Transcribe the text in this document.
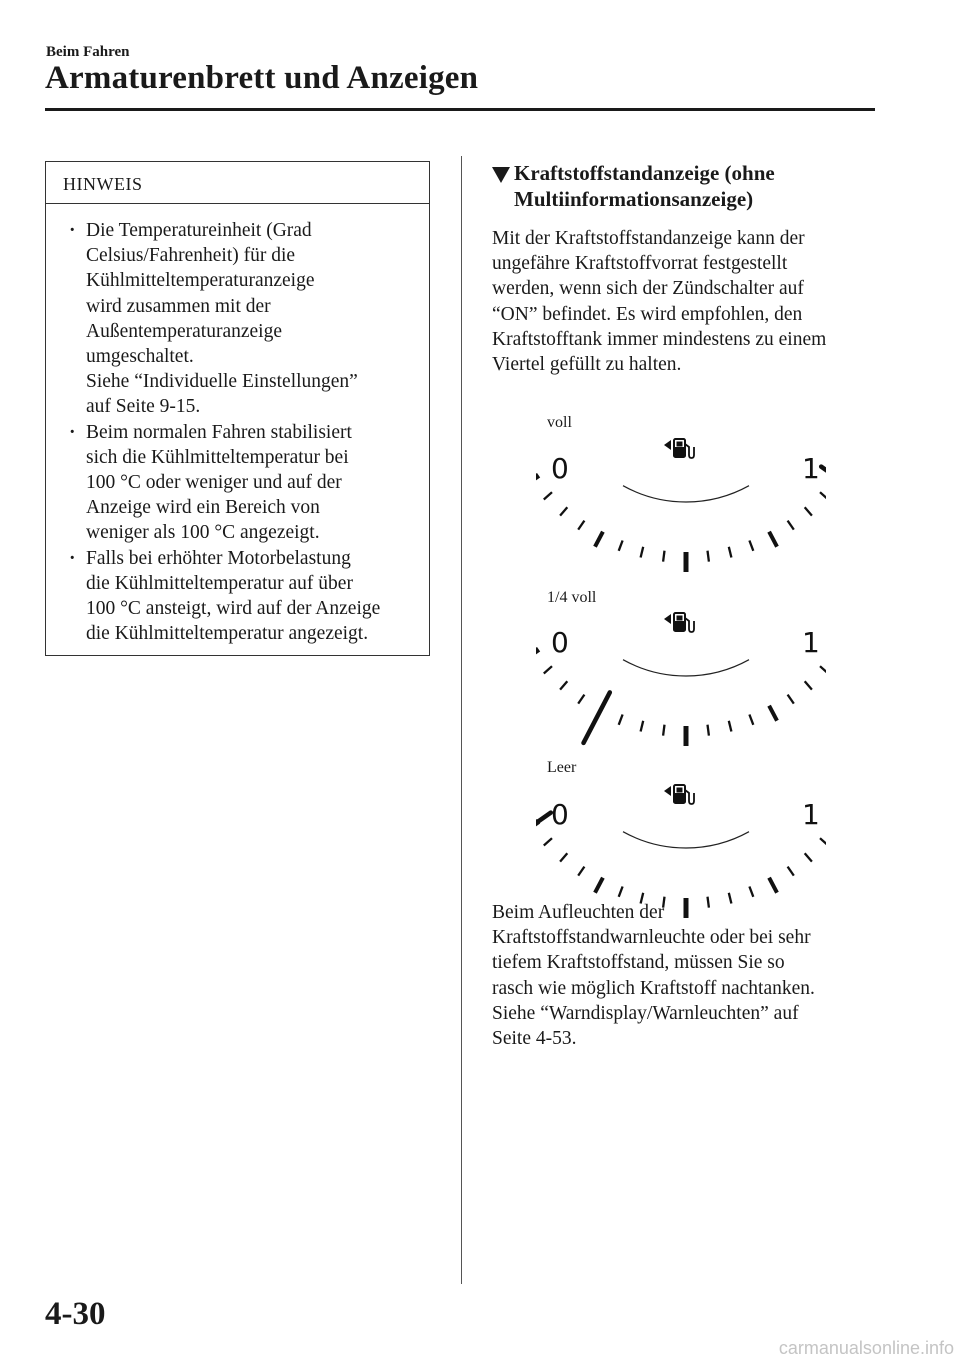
Beim Fahren
Armaturenbrett und Anzeigen
HINWEIS
· Die Temperatureinheit (Grad
Celsius/Fahrenheit) für die
Kühlmitteltemperaturanzeige
wird zusammen mit der
Außentemperaturanzeige
umgeschaltet.
Siehe “Individuelle Einstellungen”
auf Seite 9-15.
· Beim normalen Fahren stabilisiert
sich die Kühlmitteltemperatur bei
100 °C oder weniger und auf der
Anzeige wird ein Bereich von
weniger als 100 °C angezeigt.
· Falls bei erhöhter Motorbelastung
die Kühlmitteltemperatur auf über
100 °C ansteigt, wird auf der Anzeige
die Kühlmitteltemperatur angezeigt.
Kraftstoffstandanzeige (ohne
Multiinformationsanzeige)
Mit der Kraftstoffstandanzeige kann der
ungefähre Kraftstoffvorrat festgestellt
werden, wenn sich der Zündschalter auf
“ON” befindet. Es wird empfohlen, den
Kraftstofftank immer mindestens zu einem
Viertel gefüllt zu halten.
voll
0	1
1/4 voll
0	1
Leer
0	1
Beim Aufleuchten der
Kraftstoffstandwarnleuchte oder bei sehr
tiefem Kraftstoffstand, müssen Sie so
rasch wie möglich Kraftstoff nachtanken.
Siehe “Warndisplay/Warnleuchten” auf
Seite 4-53.
4-30
carmanualsonline.info
